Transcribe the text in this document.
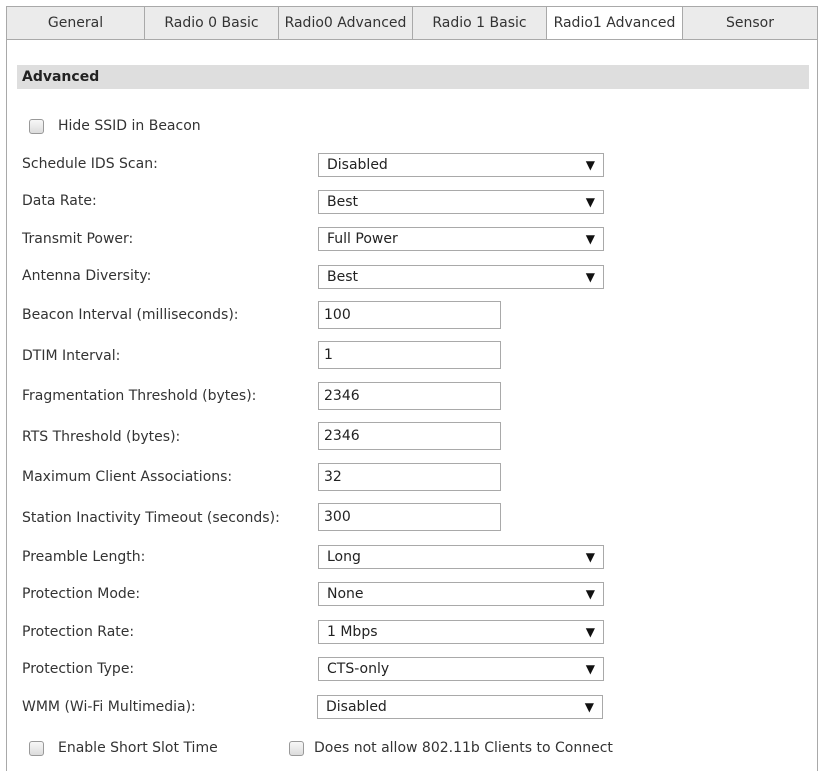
General	Radio 0 Basic	Radio0 Advanced	Radio 1 Basic	Radio1 Advanced	Sensor
Advanced
Hide SSID in Beacon
Schedule IDS Scan:	Disabled	▼
Data Rate:	Best	▼
Transmit Power:	Full Power	▼
Antenna Diversity:	Best	▼
Beacon Interval (milliseconds):	100
DTIM Interval:	1
Fragmentation Threshold (bytes):	2346
RTS Threshold (bytes):	2346
Maximum Client Associations:	32
Station Inactivity Timeout (seconds):	300
Preamble Length:	Long	▼
Protection Mode:	None	▼
Protection Rate:	1 Mbps	▼
Protection Type:	CTS-only	▼
WMM (Wi-Fi Multimedia):	Disabled	▼
Enable Short Slot Time	Does not allow 802.11b Clients to Connect
